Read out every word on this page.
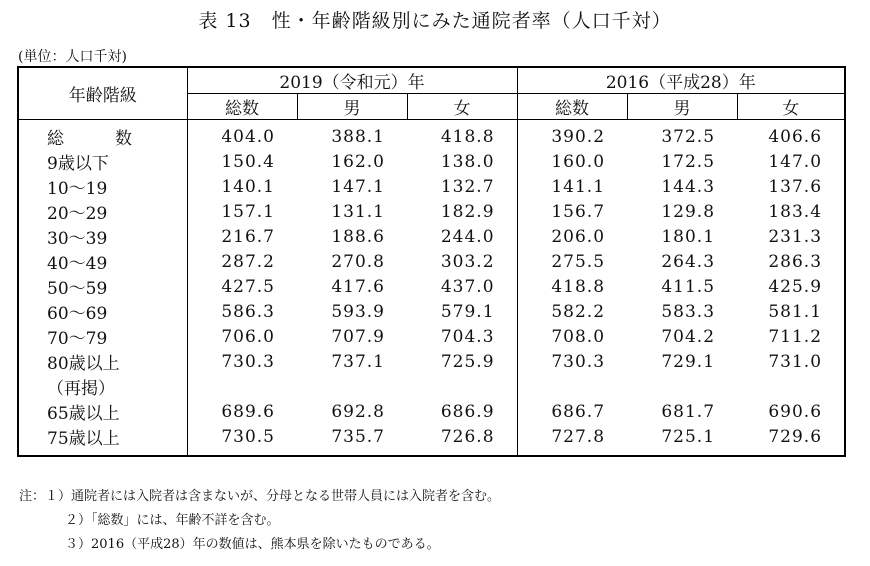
表 13　性・年齢階級別にみた通院者率（人口千対）
(単位：人口千対)
年齢階級	2019（令和元）年			2016（平成28）年		
	総数	男	女	総数	男	女
総　　　数	404.0	388.1	418.8	390.2	372.5	406.6
9歳以下	150.4	162.0	138.0	160.0	172.5	147.0
10～19	140.1	147.1	132.7	141.1	144.3	137.6
20～29	157.1	131.1	182.9	156.7	129.8	183.4
30～39	216.7	188.6	244.0	206.0	180.1	231.3
40～49	287.2	270.8	303.2	275.5	264.3	286.3
50～59	427.5	417.6	437.0	418.8	411.5	425.9
60～69	586.3	593.9	579.1	582.2	583.3	581.1
70～79	706.0	707.9	704.3	708.0	704.2	711.2
80歳以上	730.3	737.1	725.9	730.3	729.1	731.0
（再掲）						
65歳以上	689.6	692.8	686.9	686.7	681.7	690.6
75歳以上	730.5	735.7	726.8	727.8	725.1	729.6
注：１）通院者には入院者は含まないが、分母となる世帯人員には入院者を含む。
２）「総数」には、年齢不詳を含む。
３）2016（平成28）年の数値は、熊本県を除いたものである。
